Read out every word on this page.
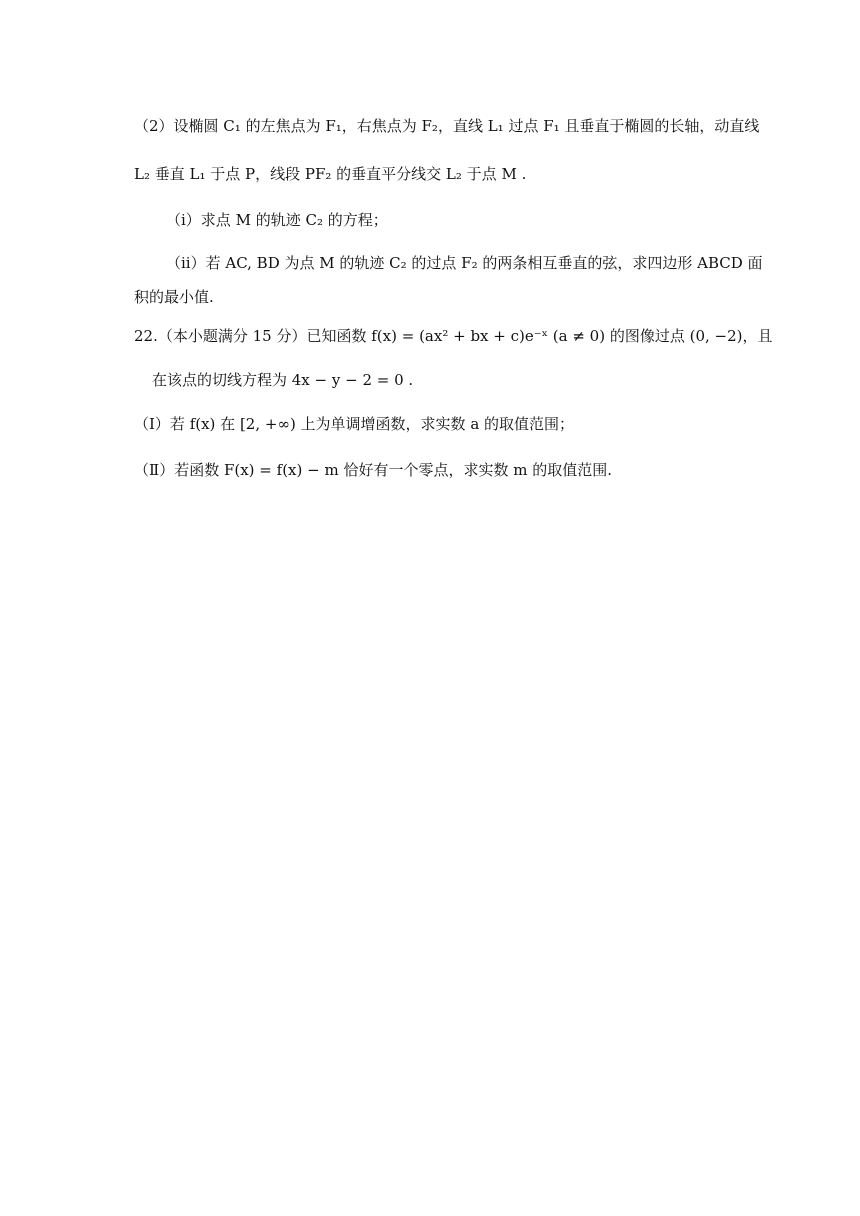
（2）设椭圆 C₁ 的左焦点为 F₁，右焦点为 F₂，直线 L₁ 过点 F₁ 且垂直于椭圆的长轴，动直线
L₂ 垂直 L₁ 于点 P，线段 PF₂ 的垂直平分线交 L₂ 于点 M .
（i）求点 M 的轨迹 C₂ 的方程；
（ii）若 AC, BD 为点 M 的轨迹 C₂ 的过点 F₂ 的两条相互垂直的弦，求四边形 ABCD 面
积的最小值.
22.（本小题满分 15 分）已知函数 f(x) = (ax² + bx + c)e⁻ˣ (a ≠ 0) 的图像过点 (0, −2)，且
在该点的切线方程为 4x − y − 2 = 0 .
（Ⅰ）若 f(x) 在 [2, +∞) 上为单调增函数，求实数 a 的取值范围；
（Ⅱ）若函数 F(x) = f(x) − m 恰好有一个零点，求实数 m 的取值范围.
